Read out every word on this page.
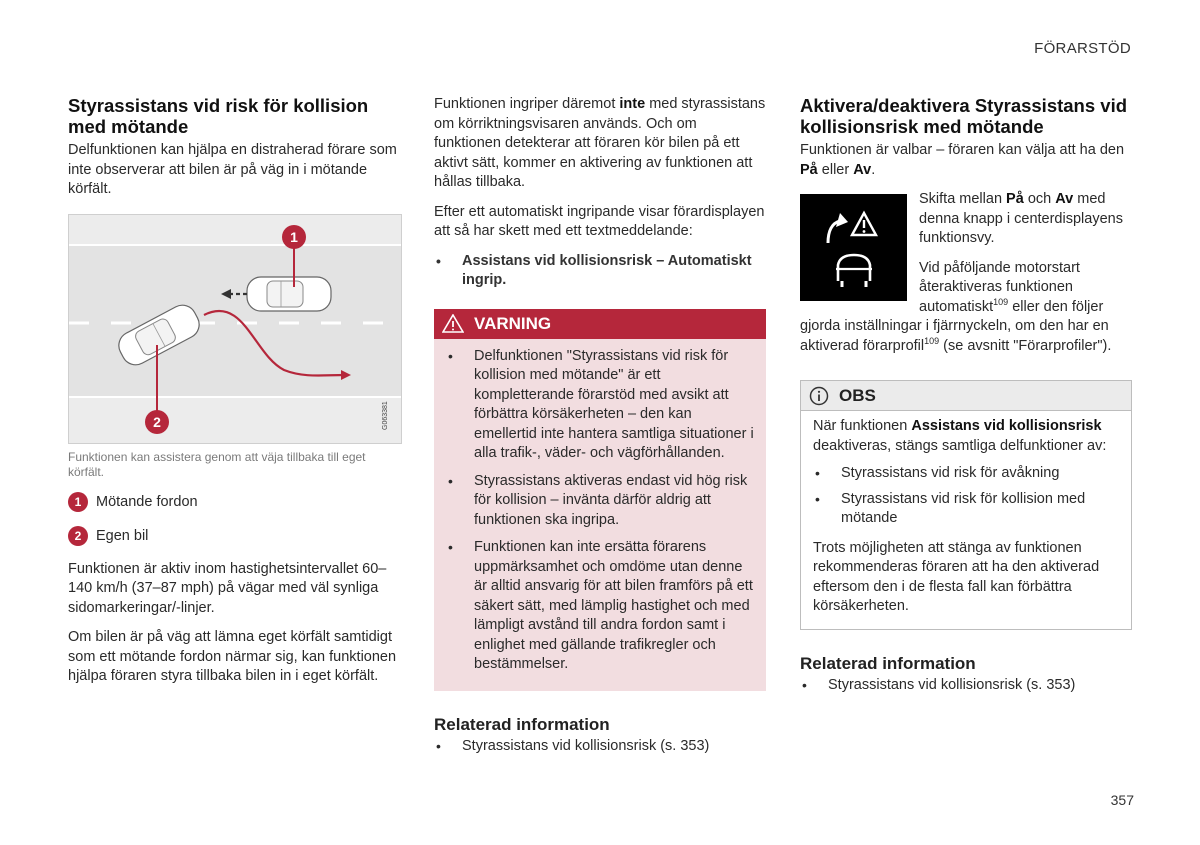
FÖRARSTÖD
Styrassistans vid risk för kollision med mötande

Delfunktionen kan hjälpa en distraherad förare som inte observerar att bilen är på väg in i mötande körfält.

1
2	G063381
Funktionen kan assistera genom att väja tillbaka till eget körfält.
1	Mötande fordon
2	Egen bil

Funktionen är aktiv inom hastighetsintervallet 60–140 km/h (37–87 mph) på vägar med väl synliga sidomarkeringar/-linjer.

Om bilen är på väg att lämna eget körfält samtidigt som ett mötande fordon närmar sig, kan funktionen hjälpa föraren styra tillbaka bilen in i eget körfält.

Funktionen ingriper däremot inte med styrassistans om körriktningsvisaren används. Och om funktionen detekterar att föraren kör bilen på ett aktivt sätt, kommer en aktivering av funktionen att hållas tillbaka.

Efter ett automatiskt ingripande visar förardisplayen att så har skett med ett textmeddelande:

• Assistans vid kollisionsrisk – Automatiskt ingrip.
VARNING
• Delfunktionen "Styrassistans vid risk för kollision med mötande" är ett kompletterande förarstöd med avsikt att förbättra körsäkerheten – den kan emellertid inte hantera samtliga situationer i alla trafik-, väder- och vägförhållanden.
• Styrassistans aktiveras endast vid hög risk för kollision – invänta därför aldrig att funktionen ska ingripa.
• Funktionen kan inte ersätta förarens uppmärksamhet och omdöme utan denne är alltid ansvarig för att bilen framförs på ett säkert sätt, med lämplig hastighet och med lämpligt avstånd till andra fordon samt i enlighet med gällande trafikregler och bestämmelser.
Relaterad information
• Styrassistans vid kollisionsrisk (s. 353)
Aktivera/deaktivera Styrassistans vid kollisionsrisk med mötande

Funktionen är valbar – föraren kan välja att ha den På eller Av.

Skifta mellan På och Av med denna knapp i centerdisplayens funktionsvy.

Vid påföljande motorstart återaktiveras funktionen automatiskt$^{109}$ eller den följer gjorda inställningar i fjärrnyckeln, om den har en aktiverad förarprofil$^{109}$ (se avsnitt "Förarprofiler").

OBS

När funktionen Assistans vid kollisionsrisk deaktiveras, stängs samtliga delfunktioner av:

• Styrassistans vid risk för avåkning
• Styrassistans vid risk för kollision med mötande

Trots möjligheten att stänga av funktionen rekommenderas föraren att ha den aktiverad eftersom den i de flesta fall kan förbättra körsäkerheten.

Relaterad information
• Styrassistans vid kollisionsrisk (s. 353)
357
